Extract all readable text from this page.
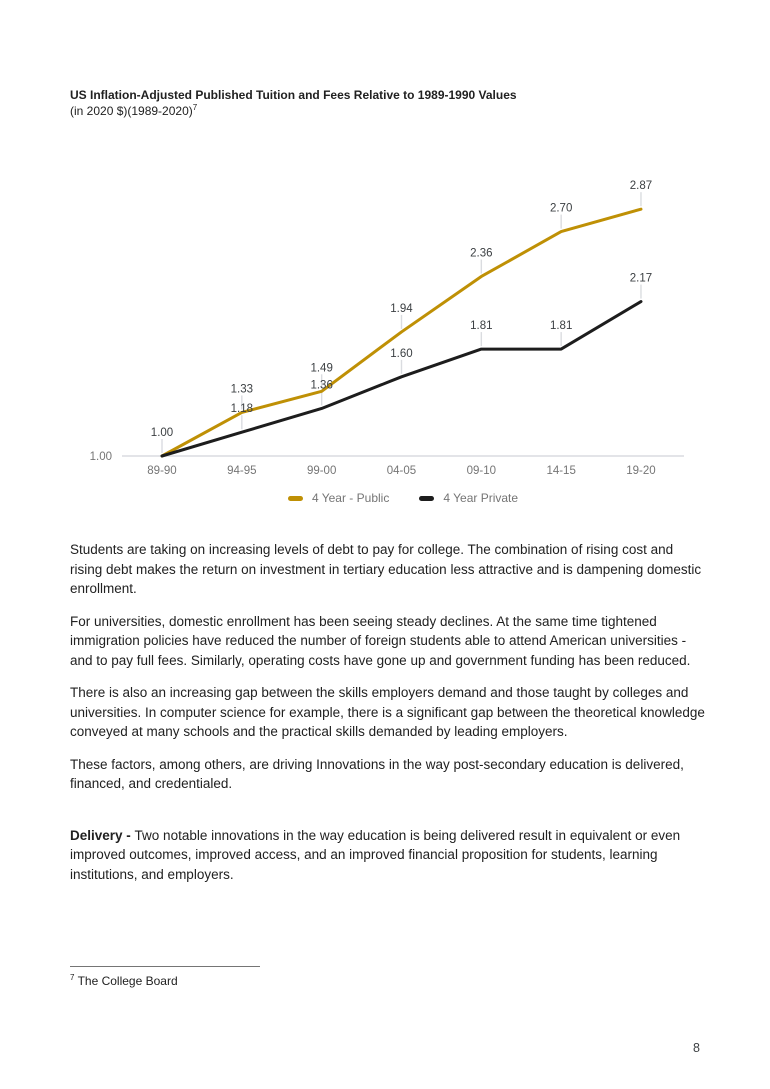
US Inflation-Adjusted Published Tuition and Fees Relative to 1989-1990 Values
(in 2020 $)(1989-2020)$^7$
1.00
89-90	94-95	99-00	04-05	09-10	14-15	19-20
1.00
1.33
1.49
1.94
2.36
2.70
2.87
1.18
1.36
1.60
1.81	1.81
2.17
4 Year - Public	4 Year Private

Students are taking on increasing levels of debt to pay for college. The combination of rising cost and rising debt makes the return on investment in tertiary education less attractive and is dampening domestic enrollment.

For universities, domestic enrollment has been seeing steady declines. At the same time tightened immigration policies have reduced the number of foreign students able to attend American universities - and to pay full fees. Similarly, operating costs have gone up and government funding has been reduced.

There is also an increasing gap between the skills employers demand and those taught by colleges and universities. In computer science for example, there is a significant gap between the theoretical knowledge conveyed at many schools and the practical skills demanded by leading employers.

These factors, among others, are driving Innovations in the way post-secondary education is delivered, financed, and credentialed.

Delivery - Two notable innovations in the way education is being delivered result in equivalent or even improved outcomes, improved access, and an improved financial proposition for students, learning institutions, and employers.

$^7$ The College Board
8
